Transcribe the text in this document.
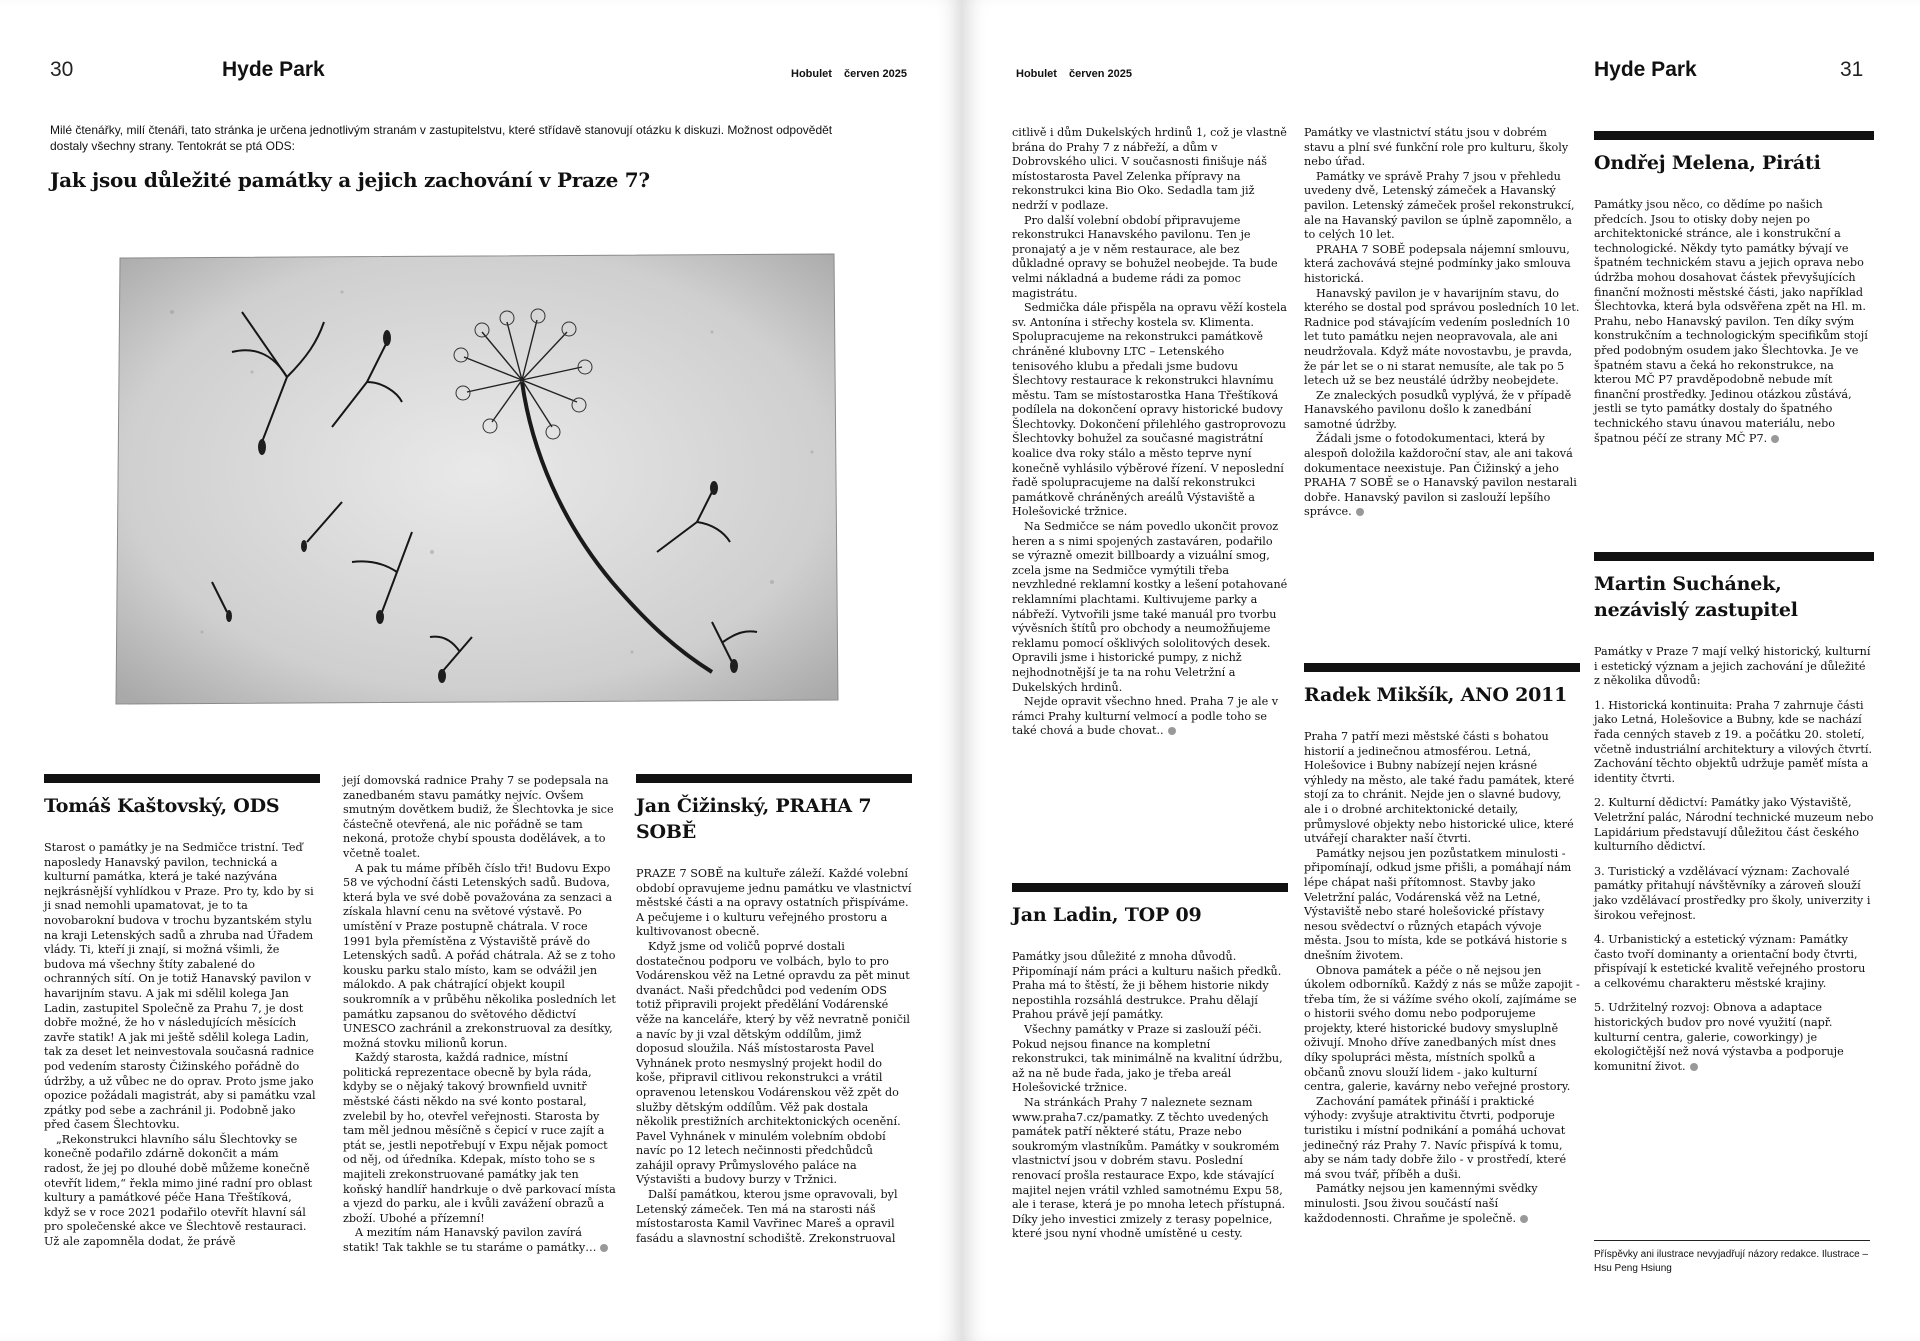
30	Hyde Park	Hobulet červen 2025

Milé čtenářky, milí čtenáři, tato stránka je určena jednotlivým stranám v zastupitelstvu, které střídavě stanovují otázku k diskuzi. Možnost odpovědět dostaly všechny strany. Tentokrát se ptá ODS:

Jak jsou důležité památky a jejich zachování v Praze 7?
Tomáš Kaštovský, ODS

Starost o památky je na Sedmičce tristní. Teď naposledy Hanavský pavilon, technická a kulturní památka, která je také nazývána nejkrásnější vyhlídkou v Praze. Pro ty, kdo by si ji snad nemohli upamatovat, je to ta novobarokní budova v trochu byzantském stylu na kraji Letenských sadů a zhruba nad Úřadem vlády. Ti, kteří ji znají, si možná všimli, že budova má všechny štíty zabalené do ochranných sítí. On je totiž Hanavský pavilon v havarijním stavu. A jak mi sdělil kolega Jan Ladin, zastupitel Společně za Prahu 7, je dost dobře možné, že ho v následujících měsících zavře statik! A jak mi ještě sdělil kolega Ladin, tak za deset let neinvestovala současná radnice pod vedením starosty Čižinského pořádně do údržby, a už vůbec ne do oprav. Proto jsme jako opozice požádali magistrát, aby si památku vzal zpátky pod sebe a zachránil ji. Podobně jako před časem Šlechtovku.

„Rekonstrukci hlavního sálu Šlechtovky se konečně podařilo zdárně dokončit a mám radost, že jej po dlouhé době můžeme konečně otevřít lidem,“ řekla mimo jiné radní pro oblast kultury a památkové péče Hana Třeštíková, když se v roce 2021 podařilo otevřít hlavní sál pro společenské akce ve Šlechtově restauraci. Už ale zapomněla dodat, že právě

její domovská radnice Prahy 7 se podepsala na zanedbaném stavu památky nejvíc. Ovšem smutným dovětkem budiž, že Šlechtovka je sice částečně otevřená, ale nic pořádně se tam nekoná, protože chybí spousta dodělávek, a to včetně toalet.

A pak tu máme příběh číslo tři! Budovu Expo 58 ve východní části Letenských sadů. Budova, která byla ve své době považována za senzaci a získala hlavní cenu na světové výstavě. Po umístění v Praze postupně chátrala. V roce 1991 byla přemístěna z Výstaviště právě do Letenských sadů. A pořád chátrala. Až se z toho kousku parku stalo místo, kam se odvážil jen málokdo. A pak chátrající objekt koupil soukromník a v průběhu několika posledních let památku zapsanou do světového dědictví UNESCO zachránil a zrekonstruoval za desítky, možná stovku milionů korun.

Každý starosta, každá radnice, místní politická reprezentace obecně by byla ráda, kdyby se o nějaký takový brownfield uvnitř městské části někdo na své konto postaral, zvelebil by ho, otevřel veřejnosti. Starosta by tam měl jednou měsíčně s čepicí v ruce zajít a ptát se, jestli nepotřebují v Expu nějak pomoct od něj, od úředníka. Kdepak, místo toho se s majiteli zrekonstruované památky jak ten koňský handlíř handrkuje o dvě parkovací místa a vjezd do parku, ale i kvůli zavážení obrazů a zboží. Ubohé a přízemní!

A mezitím nám Hanavský pavilon zavírá statik! Tak takhle se tu staráme o památky…

Jan Čižinský, PRAHA 7 SOBĚ

PRAZE 7 SOBĚ na kultuře záleží. Každé volební období opravujeme jednu památku ve vlastnictví městské části a na opravy ostatních přispíváme. A pečujeme i o kulturu veřejného prostoru a kultivovanost obecně.

Když jsme od voličů poprvé dostali dostatečnou podporu ve volbách, bylo to pro Vodárenskou věž na Letné opravdu za pět minut dvanáct. Naši předchůdci pod vedením ODS totiž připravili projekt předělání Vodárenské věže na kanceláře, který by věž nevratně poničil a navíc by ji vzal dětským oddílům, jimž doposud sloužila. Náš místostarosta Pavel Vyhnánek proto nesmyslný projekt hodil do koše, připravil citlivou rekonstrukci a vrátil opravenou letenskou Vodárenskou věž zpět do služby dětským oddílům. Věž pak dostala několik prestižních architektonických ocenění. Pavel Vyhnánek v minulém volebním období navíc po 12 letech nečinnosti předchůdců zahájil opravy Průmyslového paláce na Výstavišti a budovy burzy v Tržnici.

Další památkou, kterou jsme opravovali, byl Letenský zámeček. Ten má na starosti náš místostarosta Kamil Vavřinec Mareš a opravil fasádu a slavnostní schodiště. Zrekonstruoval

Hobulet červen 2025	Hyde Park	31

citlivě i dům Dukelských hrdinů 1, což je vlastně brána do Prahy 7 z nábřeží, a dům v Dobrovského ulici. V současnosti finišuje náš místostarosta Pavel Zelenka přípravy na rekonstrukci kina Bio Oko. Sedadla tam již nedrží v podlaze.

Pro další volební období připravujeme rekonstrukci Hanavského pavilonu. Ten je pronajatý a je v něm restaurace, ale bez důkladné opravy se bohužel neobejde. Ta bude velmi nákladná a budeme rádi za pomoc magistrátu.

Sedmička dále přispěla na opravu věží kostela sv. Antonína i střechy kostela sv. Klimenta. Spolupracujeme na rekonstrukci památkově chráněné klubovny LTC – Letenského tenisového klubu a předali jsme budovu Šlechtovy restaurace k rekonstrukci hlavnímu městu. Tam se místostarostka Hana Třeštíková podílela na dokončení opravy historické budovy Šlechtovky. Dokončení přilehlého gastroprovozu Šlechtovky bohužel za současné magistrátní koalice dva roky stálo a město teprve nyní konečně vyhlásilo výběrové řízení. V neposlední řadě spolupracujeme na další rekonstrukci památkově chráněných areálů Výstaviště a Holešovické tržnice.

Na Sedmičce se nám povedlo ukončit provoz heren a s nimi spojených zastaváren, podařilo se výrazně omezit billboardy a vizuální smog, zcela jsme na Sedmičce vymýtili třeba nevzhledné reklamní kostky a lešení potahované reklamními plachtami. Kultivujeme parky a nábřeží. Vytvořili jsme také manuál pro tvorbu vývěsních štítů pro obchody a neumožňujeme reklamu pomocí ošklivých sololitových desek. Opravili jsme i historické pumpy, z nichž nejhodnotnější je ta na rohu Veletržní a Dukelských hrdinů.

Nejde opravit všechno hned. Praha 7 je ale v rámci Prahy kulturní velmocí a podle toho se také chová a bude chovat..

Jan Ladin, TOP 09

Památky jsou důležité z mnoha důvodů. Připomínají nám práci a kulturu našich předků. Praha má to štěstí, že ji během historie nikdy nepostihla rozsáhlá destrukce. Prahu dělají Prahou právě její památky.

Všechny památky v Praze si zaslouží péči. Pokud nejsou finance na kompletní rekonstrukci, tak minimálně na kvalitní údržbu, až na ně bude řada, jako je třeba areál Holešovické tržnice.

Na stránkách Prahy 7 naleznete seznam www.praha7.cz/pamatky. Z těchto uvedených památek patří některé státu, Praze nebo soukromým vlastníkům. Památky v soukromém vlastnictví jsou v dobrém stavu. Poslední renovací prošla restaurace Expo, kde stávající majitel nejen vrátil vzhled samotnému Expu 58, ale i terase, která je po mnoha letech přístupná. Díky jeho investici zmizely z terasy popelnice, které jsou nyní vhodně umístěné u cesty.

Památky ve vlastnictví státu jsou v dobrém stavu a plní své funkční role pro kulturu, školy nebo úřad.

Památky ve správě Prahy 7 jsou v přehledu uvedeny dvě, Letenský zámeček a Havanský pavilon. Letenský zámeček prošel rekonstrukcí, ale na Havanský pavilon se úplně zapomnělo, a to celých 10 let.

PRAHA 7 SOBĚ podepsala nájemní smlouvu, která zachovává stejné podmínky jako smlouva historická.

Hanavský pavilon je v havarijním stavu, do kterého se dostal pod správou posledních 10 let. Radnice pod stávajícím vedením posledních 10 let tuto památku nejen neopravovala, ale ani neudržovala. Když máte novostavbu, je pravda, že pár let se o ni starat nemusíte, ale tak po 5 letech už se bez neustálé údržby neobejdete.

Ze znaleckých posudků vyplývá, že v případě Hanavského pavilonu došlo k zanedbání samotné údržby.

Žádali jsme o fotodokumentaci, která by alespoň doložila každoroční stav, ale ani taková dokumentace neexistuje. Pan Čižinský a jeho PRAHA 7 SOBĚ se o Hanavský pavilon nestarali dobře. Hanavský pavilon si zaslouží lepšího správce.

Radek Mikšík, ANO 2011

Praha 7 patří mezi městské části s bohatou historií a jedinečnou atmosférou. Letná, Holešovice i Bubny nabízejí nejen krásné výhledy na město, ale také řadu památek, které stojí za to chránit. Nejde jen o slavné budovy, ale i o drobné architektonické detaily, průmyslové objekty nebo historické ulice, které utvářejí charakter naší čtvrti.

Památky nejsou jen pozůstatkem minulosti - připomínají, odkud jsme přišli, a pomáhají nám lépe chápat naši přítomnost. Stavby jako Veletržní palác, Vodárenská věž na Letné, Výstaviště nebo staré holešovické přístavy nesou svědectví o různých etapách vývoje města. Jsou to místa, kde se potkává historie s dnešním životem.

Obnova památek a péče o ně nejsou jen úkolem odborníků. Každý z nás se může zapojit - třeba tím, že si vážíme svého okolí, zajímáme se o historii svého domu nebo podporujeme projekty, které historické budovy smysluplně oživují. Mnoho dříve zanedbaných míst dnes díky spolupráci města, místních spolků a občanů znovu slouží lidem - jako kulturní centra, galerie, kavárny nebo veřejné prostory.

Zachování památek přináší i praktické výhody: zvyšuje atraktivitu čtvrti, podporuje turistiku i místní podnikání a pomáhá uchovat jedinečný ráz Prahy 7. Navíc přispívá k tomu, aby se nám tady dobře žilo - v prostředí, které má svou tvář, příběh a duši.

Památky nejsou jen kamennými svědky minulosti. Jsou živou součástí naší každodennosti. Chraňme je společně.

Ondřej Melena, Piráti

Památky jsou něco, co dědíme po našich předcích. Jsou to otisky doby nejen po architektonické stránce, ale i konstrukční a technologické. Někdy tyto památky bývají ve špatném technickém stavu a jejich oprava nebo údržba mohou dosahovat částek převyšujících finanční možnosti městské části, jako například Šlechtovka, která byla odsvěřena zpět na Hl. m. Prahu, nebo Hanavský pavilon. Ten díky svým konstrukčním a technologickým specifikům stojí před podobným osudem jako Šlechtovka. Je ve špatném stavu a čeká ho rekonstrukce, na kterou MČ P7 pravděpodobně nebude mít finanční prostředky. Jedinou otázkou zůstává, jestli se tyto památky dostaly do špatného technického stavu únavou materiálu, nebo špatnou péčí ze strany MČ P7.

Martin Suchánek, nezávislý zastupitel

Památky v Praze 7 mají velký historický, kulturní i estetický význam a jejich zachování je důležité z několika důvodů:

1. Historická kontinuita: Praha 7 zahrnuje části jako Letná, Holešovice a Bubny, kde se nachází řada cenných staveb z 19. a počátku 20. století, včetně industriální architektury a vilových čtvrtí. Zachování těchto objektů udržuje paměť místa a identity čtvrti.

2. Kulturní dědictví: Památky jako Výstaviště, Veletržní palác, Národní technické muzeum nebo Lapidárium představují důležitou část českého kulturního dědictví.

3. Turistický a vzdělávací význam: Zachovalé památky přitahují návštěvníky a zároveň slouží jako vzdělávací prostředky pro školy, univerzity i širokou veřejnost.

4. Urbanistický a estetický význam: Památky často tvoří dominanty a orientační body čtvrti, přispívají k estetické kvalitě veřejného prostoru a celkovému charakteru městské krajiny.

5. Udržitelný rozvoj: Obnova a adaptace historických budov pro nové využití (např. kulturní centra, galerie, coworkingy) je ekologičtější než nová výstavba a podporuje komunitní život.

Příspěvky ani ilustrace nevyjadřují názory redakce. Ilustrace – Hsu Peng Hsiung
